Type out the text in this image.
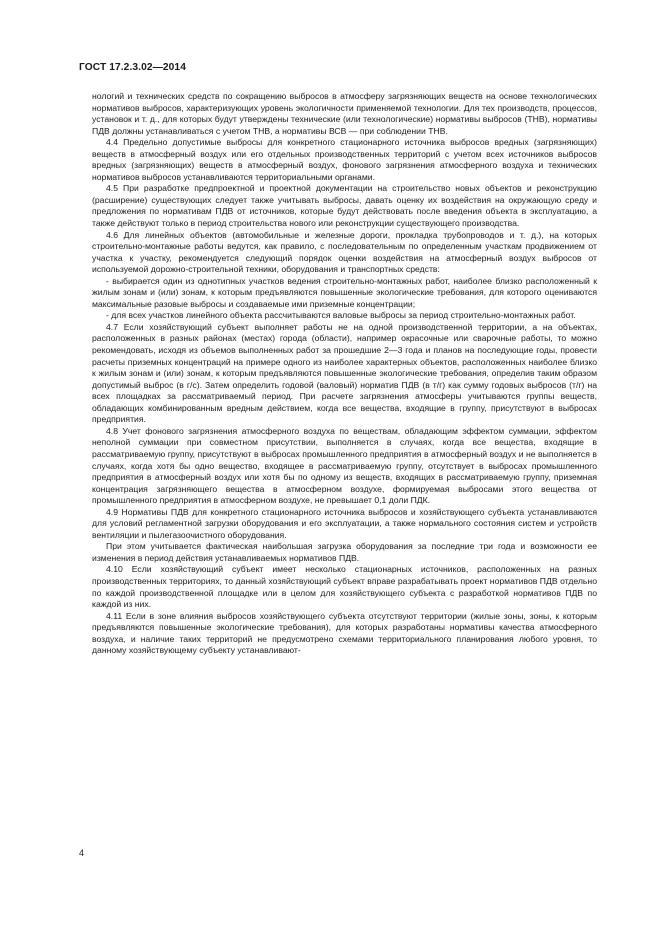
ГОСТ 17.2.3.02—2014

нологий и технических средств по сокращению выбросов в атмосферу загрязняющих веществ на основе технологических нормативов выбросов, характеризующих уровень экологичности применяемой технологии. Для тех производств, процессов, установок и т. д., для которых будут утверждены технические (или технологические) нормативы выбросов (ТНВ), нормативы ПДВ должны устанавливаться с учетом ТНВ, а нормативы ВСВ — при соблюдении ТНВ.

4.4 Предельно допустимые выбросы для конкретного стационарного источника выбросов вредных (загрязняющих) веществ в атмосферный воздух или его отдельных производственных территорий с учетом всех источников выбросов вредных (загрязняющих) веществ в атмосферный воздух, фонового загрязнения атмосферного воздуха и технических нормативов выбросов устанавливаются территориальными органами.

4.5 При разработке предпроектной и проектной документации на строительство новых объектов и реконструкцию (расширение) существующих следует также учитывать выбросы, давать оценку их воздействия на окружающую среду и предложения по нормативам ПДВ от источников, которые будут действовать после введения объекта в эксплуатацию, а также действуют только в период строительства нового или реконструкции существующего производства.

4.6 Для линейных объектов (автомобильные и железные дороги, прокладка трубопроводов и т. д.), на которых строительно-монтажные работы ведутся, как правило, с последовательным по определенным участкам продвижением от участка к участку, рекомендуется следующий порядок оценки воздействия на атмосферный воздух выбросов от используемой дорожно-строительной техники, оборудования и транспортных средств:

- выбирается один из однотипных участков ведения строительно-монтажных работ, наиболее близко расположенный к жилым зонам и (или) зонам, к которым предъявляются повышенные экологические требования, для которого оцениваются максимальные разовые выбросы и создаваемые ими приземные концентрации;

- для всех участков линейного объекта рассчитываются валовые выбросы за период строительно-монтажных работ.

4.7 Если хозяйствующий субъект выполняет работы не на одной производственной территории, а на объектах, расположенных в разных районах (местах) города (области), например окрасочные или сварочные работы, то можно рекомендовать, исходя из объемов выполненных работ за прошедшие 2—3 года и планов на последующие годы, провести расчеты приземных концентраций на примере одного из наиболее характерных объектов, расположенных наиболее близко к жилым зонам и (или) зонам, к которым предъявляются повышенные экологические требования, определив таким образом допустимый выброс (в г/с). Затем определить годовой (валовый) норматив ПДВ (в т/г) как сумму годовых выбросов (т/г) на всех площадках за рассматриваемый период. При расчете загрязнения атмосферы учитываются группы веществ, обладающих комбинированным вредным действием, когда все вещества, входящие в группу, присутствуют в выбросах предприятия.

4.8 Учет фонового загрязнения атмосферного воздуха по веществам, обладающим эффектом суммации, эффектом неполной суммации при совместном присутствии, выполняется в случаях, когда все вещества, входящие в рассматриваемую группу, присутствуют в выбросах промышленного предприятия в атмосферный воздух и не выполняется в случаях, когда хотя бы одно вещество, входящее в рассматриваемую группу, отсутствует в выбросах промышленного предприятия в атмосферный воздух или хотя бы по одному из веществ, входящих в рассматриваемую группу, приземная концентрация загрязняющего вещества в атмосферном воздухе, формируемая выбросами этого вещества от промышленного предприятия в атмосферном воздухе, не превышает 0,1 доли ПДК.

4.9 Нормативы ПДВ для конкретного стационарного источника выбросов и хозяйствующего субъекта устанавливаются для условий регламентной загрузки оборудования и его эксплуатации, а также нормального состояния систем и устройств вентиляции и пылегазоочистного оборудования.

При этом учитывается фактическая наибольшая загрузка оборудования за последние три года и возможности ее изменения в период действия устанавливаемых нормативов ПДВ.

4.10 Если хозяйствующий субъект имеет несколько стационарных источников, расположенных на разных производственных территориях, то данный хозяйствующий субъект вправе разрабатывать проект нормативов ПДВ отдельно по каждой производственной площадке или в целом для хозяйствующего субъекта с разработкой нормативов ПДВ по каждой из них.

4.11 Если в зоне влияния выбросов хозяйствующего субъекта отсутствуют территории (жилые зоны, зоны, к которым предъявляются повышенные экологические требования), для которых разработаны нормативы качества атмосферного воздуха, и наличие таких территорий не предусмотрено схемами территориального планирования любого уровня, то данному хозяйствующему субъекту устанавливают-

4
